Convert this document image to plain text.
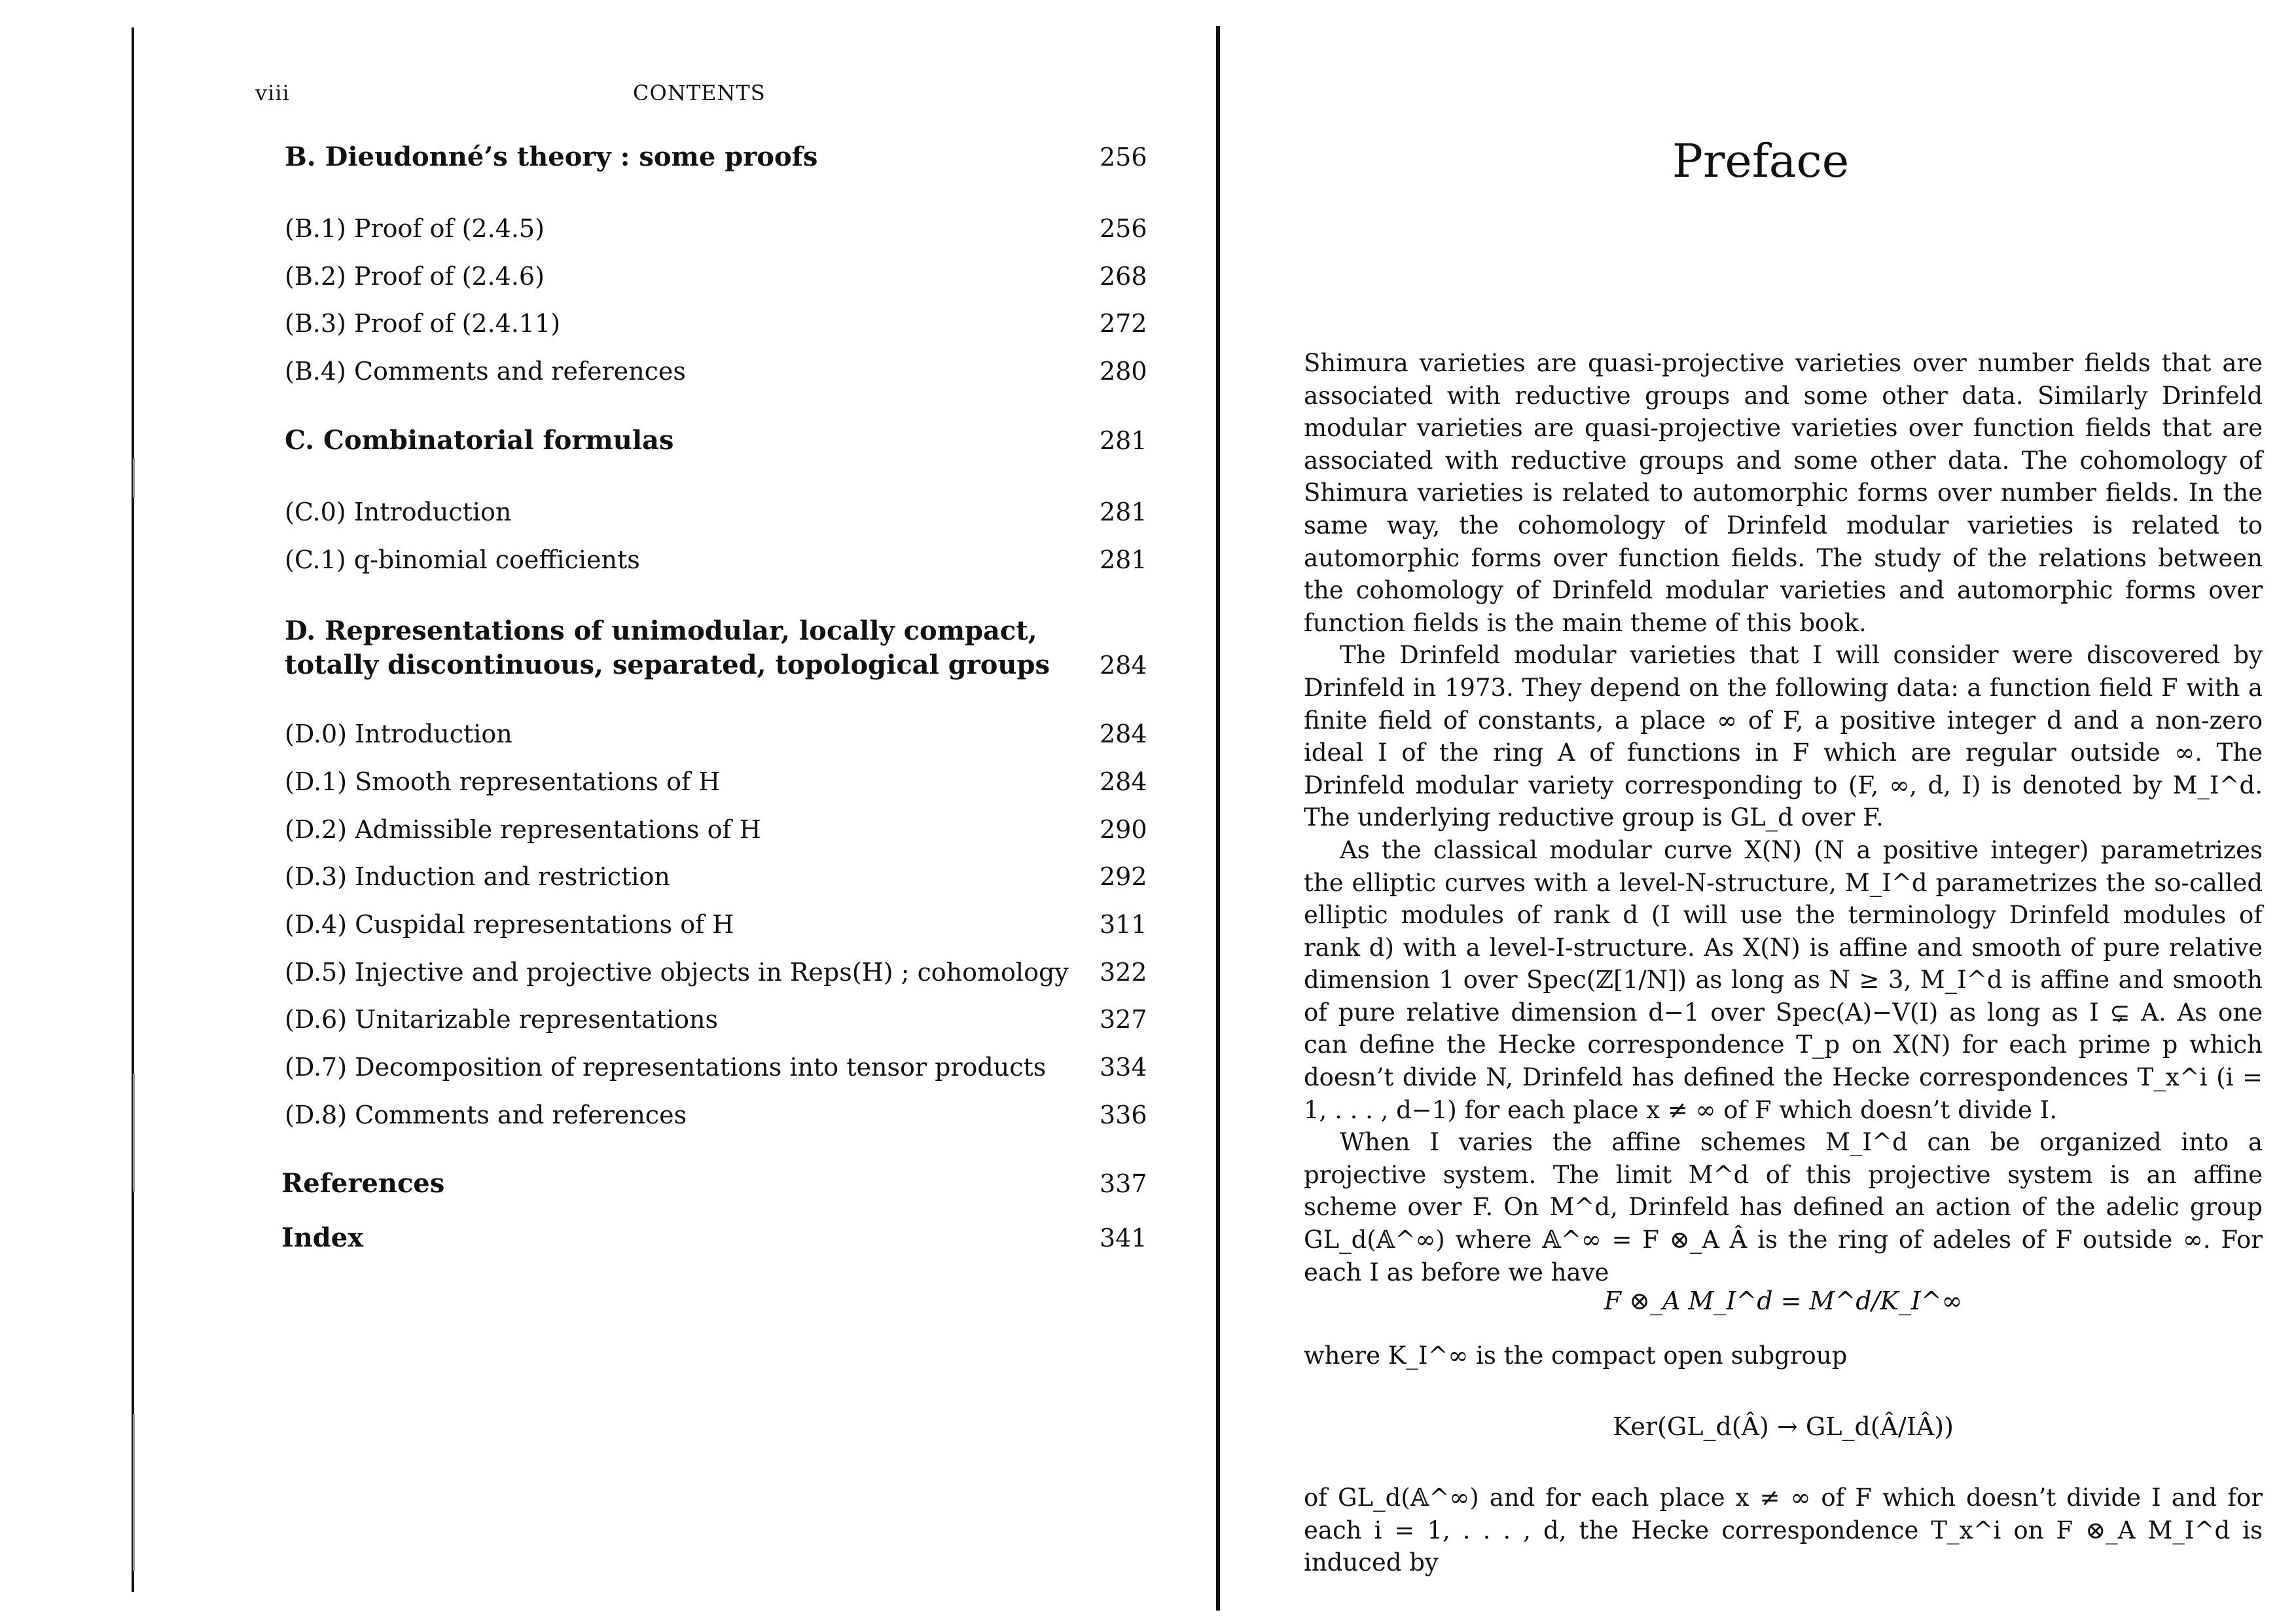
viii	CONTENTS
B. Dieudonné’s theory : some proofs	256
(B.1) Proof of (2.4.5)	256
(B.2) Proof of (2.4.6)	268
(B.3) Proof of (2.4.11)	272
(B.4) Comments and references	280
C. Combinatorial formulas	281
(C.0) Introduction	281
(C.1) q-binomial coefficients	281
D. Representations of unimodular, locally compact, totally discontinuous, separated, topological groups	284
(D.0) Introduction	284
(D.1) Smooth representations of H	284
(D.2) Admissible representations of H	290
(D.3) Induction and restriction	292
(D.4) Cuspidal representations of H	311
(D.5) Injective and projective objects in Reps(H) ; cohomology 322
(D.6) Unitarizable representations	327
(D.7) Decomposition of representations into tensor products 334
(D.8) Comments and references	336
References	337
Index	341
Preface

Shimura varieties are quasi-projective varieties over number fields that are associated with reductive groups and some other data. Similarly Drinfeld modular varieties are quasi-projective varieties over function fields that are associated with reductive groups and some other data. The cohomology of Shimura varieties is related to automorphic forms over number fields. In the same way, the cohomology of Drinfeld modular varieties is related to automorphic forms over function fields. The study of the relations between the cohomology of Drinfeld modular varieties and automorphic forms over function fields is the main theme of this book.

The Drinfeld modular varieties that I will consider were discovered by Drinfeld in 1973. They depend on the following data: a function field F with a finite field of constants, a place ∞ of F, a positive integer d and a non-zero ideal I of the ring A of functions in F which are regular outside ∞. The Drinfeld modular variety corresponding to (F, ∞, d, I) is denoted by M_I^d. The underlying reductive group is GL_d over F.

As the classical modular curve X(N) (N a positive integer) parametrizes the elliptic curves with a level-N-structure, M_I^d parametrizes the so-called elliptic modules of rank d (I will use the terminology Drinfeld modules of rank d) with a level-I-structure. As X(N) is affine and smooth of pure relative dimension 1 over Spec(ℤ[1/N]) as long as N ≥ 3, M_I^d is affine and smooth of pure relative dimension d−1 over Spec(A)−V(I) as long as I ⊊ A. As one can define the Hecke correspondence T_p on X(N) for each prime p which doesn’t divide N, Drinfeld has defined the Hecke correspondences T_x^i (i = 1, . . . , d−1) for each place x ≠ ∞ of F which doesn’t divide I.

When I varies the affine schemes M_I^d can be organized into a projective system. The limit M^d of this projective system is an affine scheme over F. On M^d, Drinfeld has defined an action of the adelic group GL_d(𝔸^∞) where 𝔸^∞ = F ⊗_A Â is the ring of adeles of F outside ∞. For each I as before we have

F ⊗_A M_I^d = M^d/K_I^∞
where K_I^∞ is the compact open subgroup
Ker(GL_d(Â) → GL_d(Â/IÂ))
of GL_d(𝔸^∞) and for each place x ≠ ∞ of F which doesn’t divide I and for each i = 1, . . . , d, the Hecke correspondence T_x^i on F ⊗_A M_I^d is induced by
